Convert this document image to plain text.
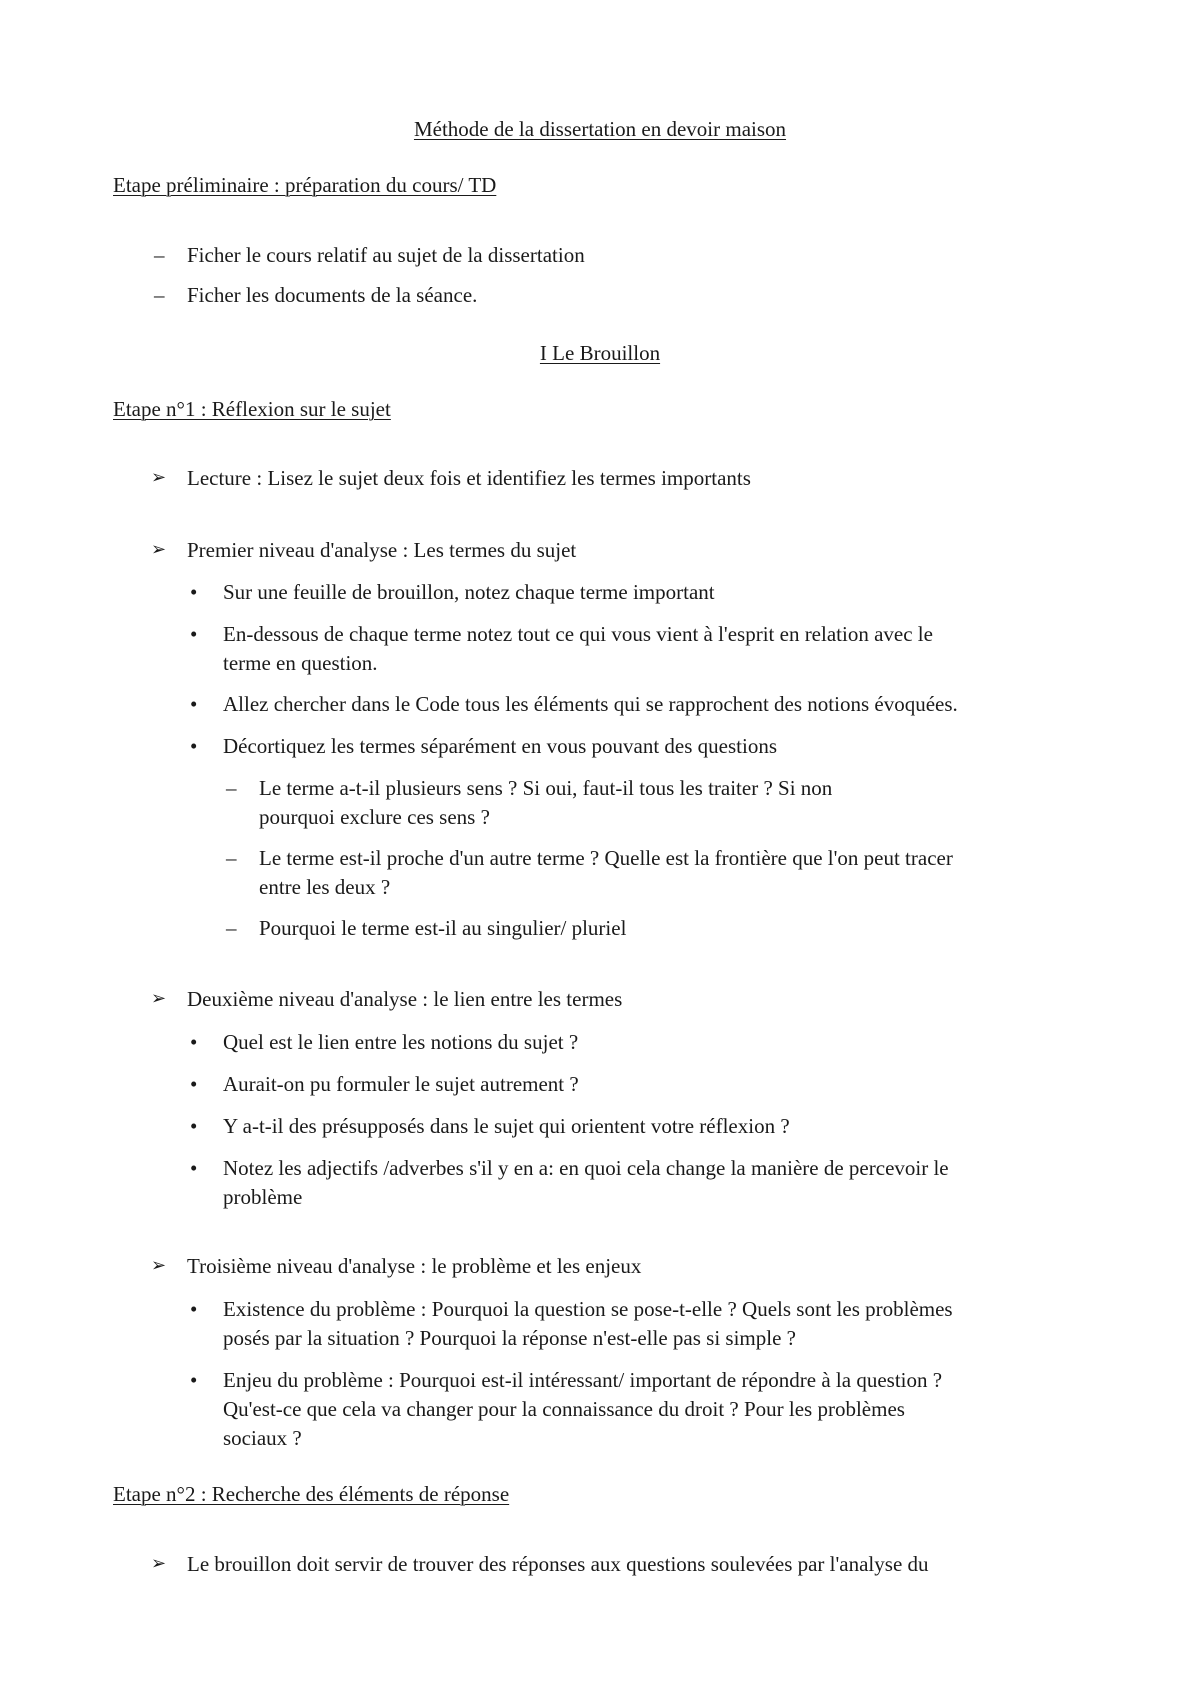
Méthode de la dissertation en devoir maison
Etape préliminaire : préparation du cours/ TD
– Ficher le cours relatif au sujet de la dissertation
– Ficher les documents de la séance.
I Le Brouillon
Etape n°1 : Réflexion sur le sujet
➢ Lecture : Lisez le sujet deux fois et identifiez les termes importants
➢ Premier niveau d'analyse : Les termes du sujet
• Sur une feuille de brouillon, notez chaque terme important
• En-dessous de chaque terme notez tout ce qui vous vient à l'esprit en relation avec le
terme en question.
• Allez chercher dans le Code tous les éléments qui se rapprochent des notions évoquées.
• Décortiquez les termes séparément en vous pouvant des questions
– Le terme a-t-il plusieurs sens ? Si oui, faut-il tous les traiter ? Si non
pourquoi exclure ces sens ?
– Le terme est-il proche d'un autre terme ? Quelle est la frontière que l'on peut tracer
entre les deux ?
– Pourquoi le terme est-il au singulier/ pluriel
➢ Deuxième niveau d'analyse : le lien entre les termes
• Quel est le lien entre les notions du sujet ?
• Aurait-on pu formuler le sujet autrement ?
• Y a-t-il des présupposés dans le sujet qui orientent votre réflexion ?
• Notez les adjectifs /adverbes s'il y en a: en quoi cela change la manière de percevoir le
problème
➢ Troisième niveau d'analyse : le problème et les enjeux
• Existence du problème : Pourquoi la question se pose-t-elle ? Quels sont les problèmes
posés par la situation ? Pourquoi la réponse n'est-elle pas si simple ?
• Enjeu du problème : Pourquoi est-il intéressant/ important de répondre à la question ?
Qu'est-ce que cela va changer pour la connaissance du droit ? Pour les problèmes
sociaux ?
Etape n°2 : Recherche des éléments de réponse
➢ Le brouillon doit servir de trouver des réponses aux questions soulevées par l'analyse du
